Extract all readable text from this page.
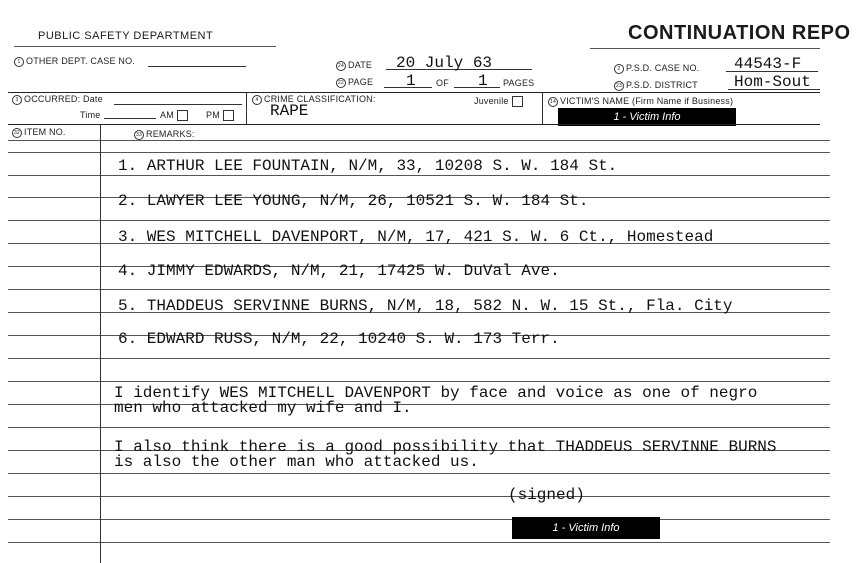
PUBLIC SAFETY DEPARTMENT	CONTINUATION REPO
1 OTHER DEPT. CASE NO.	24 DATE 20 July 63
22 PAGE 1 OF 1 PAGES
2 P.S.D. CASE NO. 44543-F
23 P.S.D. DISTRICT Hom-Sout
3 OCCURRED: Date
Time	AM	PM
4 CRIME CLASSIFICATION:
RAPE
Juvenile	14 VICTIM'S NAME (Firm Name if Business)
1 - Victim Info
32 ITEM NO.	33 REMARKS:
1. ARTHUR LEE FOUNTAIN, N/M, 33, 10208 S. W. 184 St.
2. LAWYER LEE YOUNG, N/M, 26, 10521 S. W. 184 St.
3. WES MITCHELL DAVENPORT, N/M, 17, 421 S. W. 6 Ct., Homestead
4. JIMMY EDWARDS, N/M, 21, 17425 W. DuVal Ave.
5. THADDEUS SERVINNE BURNS, N/M, 18, 582 N. W. 15 St., Fla. City
6. EDWARD RUSS, N/M, 22, 10240 S. W. 173 Terr.
I identify WES MITCHELL DAVENPORT by face and voice as one of negro
men who attacked my wife and I.
I also think there is a good possibility that THADDEUS SERVINNE BURNS
is also the other man who attacked us.
(signed)
1 - Victim Info
